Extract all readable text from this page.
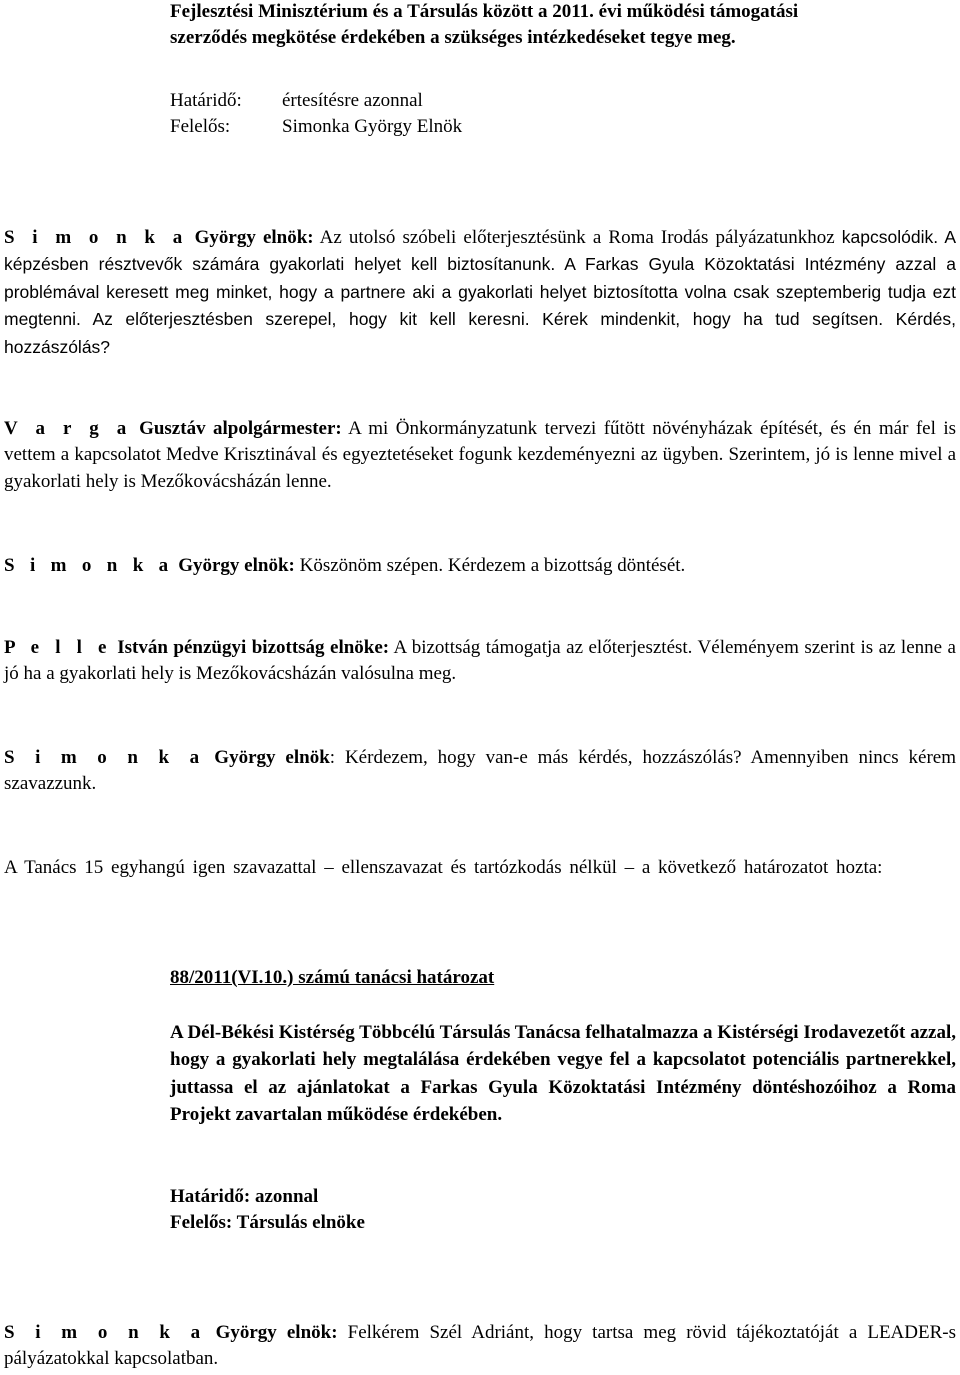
Fejlesztési Minisztérium és a Társulás között a 2011. évi működési támogatási
szerződés megkötése érdekében a szükséges intézkedéseket tegye meg.
Határidő:	értesítésre azonnal
Felelős:	Simonka György Elnök

S i m o n k a György elnök: Az utolsó szóbeli előterjesztésünk a Roma Irodás pályázatunkhoz kapcsolódik. A képzésben résztvevők számára gyakorlati helyet kell biztosítanunk. A Farkas Gyula Közoktatási Intézmény azzal a problémával keresett meg minket, hogy a partnere aki a gyakorlati helyet biztosította volna csak szeptemberig tudja ezt megtenni. Az előterjesztésben szerepel, hogy kit kell keresni. Kérek mindenkit, hogy ha tud segítsen. Kérdés, hozzászólás?

V a r g a Gusztáv alpolgármester: A mi Önkormányzatunk tervezi fűtött növényházak építését, és én már fel is vettem a kapcsolatot Medve Krisztinával és egyeztetéseket fogunk kezdeményezni az ügyben. Szerintem, jó is lenne mivel a gyakorlati hely is Mezőkovácsházán lenne.

S i m o n k a György elnök: Köszönöm szépen. Kérdezem a bizottság döntését.

P e l l e István pénzügyi bizottság elnöke: A bizottság támogatja az előterjesztést. Véleményem szerint is az lenne a jó ha a gyakorlati hely is Mezőkovácsházán valósulna meg.

S i m o n k a György elnök: Kérdezem, hogy van-e más kérdés, hozzászólás? Amennyiben nincs kérem szavazzunk.

A Tanács 15 egyhangú igen szavazattal – ellenszavazat és tartózkodás nélkül – a következő határozatot hozta:

88/2011(VI.10.) számú tanácsi határozat

A Dél-Békési Kistérség Többcélú Társulás Tanácsa felhatalmazza a Kistérségi Irodavezetőt azzal, hogy a gyakorlati hely megtalálása érdekében vegye fel a kapcsolatot potenciális partnerekkel, juttassa el az ajánlatokat a Farkas Gyula Közoktatási Intézmény döntéshozóihoz a Roma Projekt zavartalan működése érdekében.

Határidő: azonnal
Felelős: Társulás elnöke

S i m o n k a György elnök: Felkérem Szél Adriánt, hogy tartsa meg rövid tájékoztatóját a LEADER-s pályázatokkal kapcsolatban.
